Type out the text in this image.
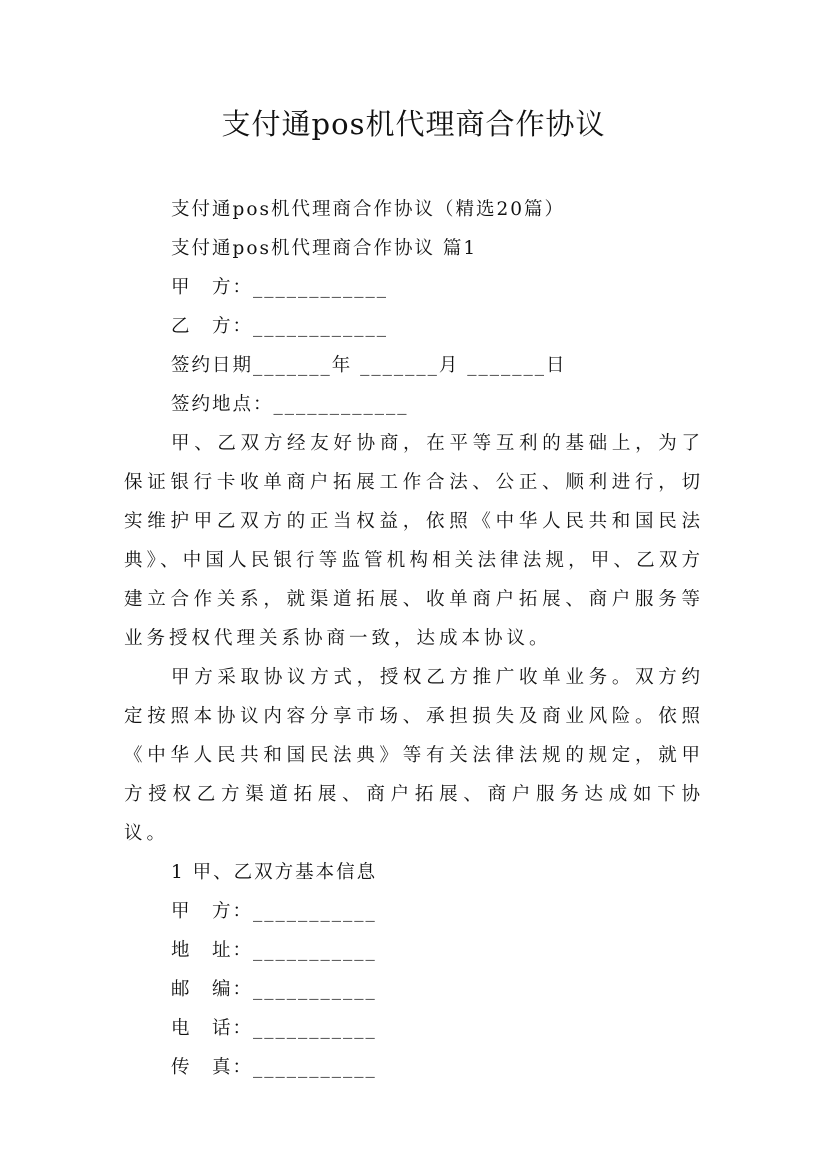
支付通pos机代理商合作协议
支付通pos机代理商合作协议（精选20篇）
支付通pos机代理商合作协议 篇1
甲　方：____________
乙　方：____________
签约日期_______年 _______月 _______日
签约地点：____________

甲、乙双方经友好协商，在平等互利的基础上，为了保证银行卡收单商户拓展工作合法、公正、顺利进行，切实维护甲乙双方的正当权益，依照《中华人民共和国民法典》、中国人民银行等监管机构相关法律法规，甲、乙双方建立合作关系，就渠道拓展、收单商户拓展、商户服务等业务授权代理关系协商一致，达成本协议。

甲方采取协议方式，授权乙方推广收单业务。双方约定按照本协议内容分享市场、承担损失及商业风险。依照《中华人民共和国民法典》等有关法律法规的规定，就甲方授权乙方渠道拓展、商户拓展、商户服务达成如下协议。

1 甲、乙双方基本信息
甲　方：___________
地　址：___________
邮　编：___________
电　话：___________
传　真：___________
